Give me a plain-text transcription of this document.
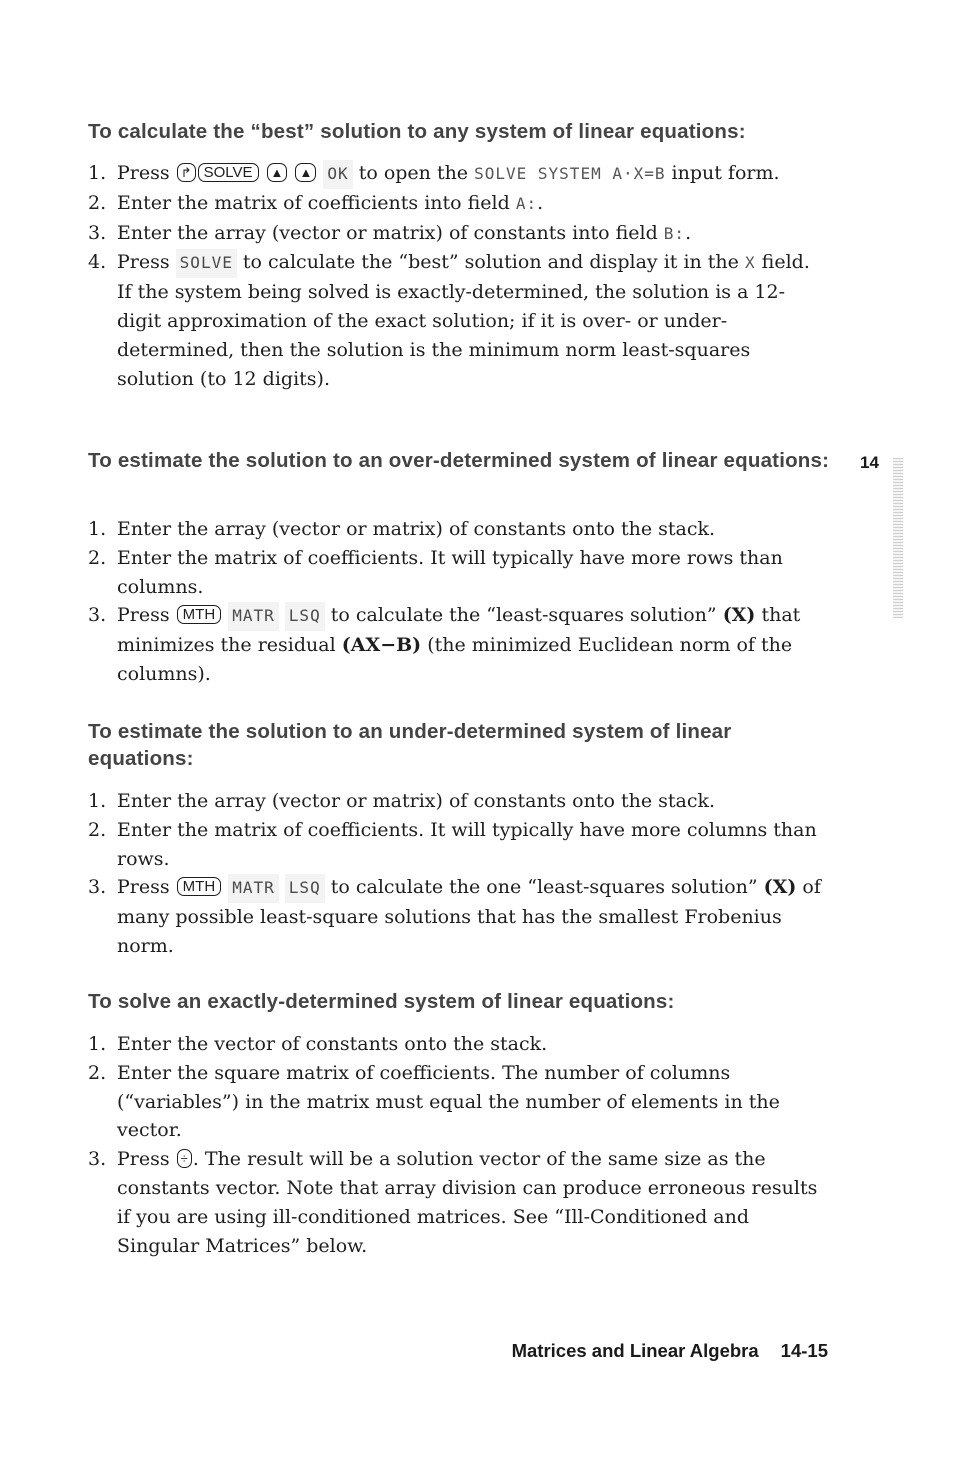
To calculate the “best” solution to any system of linear equations:
1. Press ↱ SOLVE ▲ ▲ OK to open the SOLVE SYSTEM A·X=B input form.
2. Enter the matrix of coefficients into field A:.
3. Enter the array (vector or matrix) of constants into field B:.
4. Press SOLVE to calculate the “best” solution and display it in the X field. If the system being solved is exactly-determined, the solution is a 12-digit approximation of the exact solution; if it is over- or under-determined, then the solution is the minimum norm least-squares solution (to 12 digits).
To estimate the solution to an over-determined system of linear equations:
1. Enter the array (vector or matrix) of constants onto the stack.
2. Enter the matrix of coefficients. It will typically have more rows than columns.
3. Press MTH MATR LSQ to calculate the “least-squares solution” (X) that minimizes the residual (AX−B) (the minimized Euclidean norm of the columns).
To estimate the solution to an under-determined system of linear equations:
1. Enter the array (vector or matrix) of constants onto the stack.
2. Enter the matrix of coefficients. It will typically have more columns than rows.
3. Press MTH MATR LSQ to calculate the one “least-squares solution” (X) of many possible least-square solutions that has the smallest Frobenius norm.
To solve an exactly-determined system of linear equations:
1. Enter the vector of constants onto the stack.
2. Enter the square matrix of coefficients. The number of columns (“variables”) in the matrix must equal the number of elements in the vector.
3. Press ÷ . The result will be a solution vector of the same size as the constants vector. Note that array division can produce erroneous results if you are using ill-conditioned matrices. See “Ill-Conditioned and Singular Matrices” below.
14
Matrices and Linear Algebra 14-15
